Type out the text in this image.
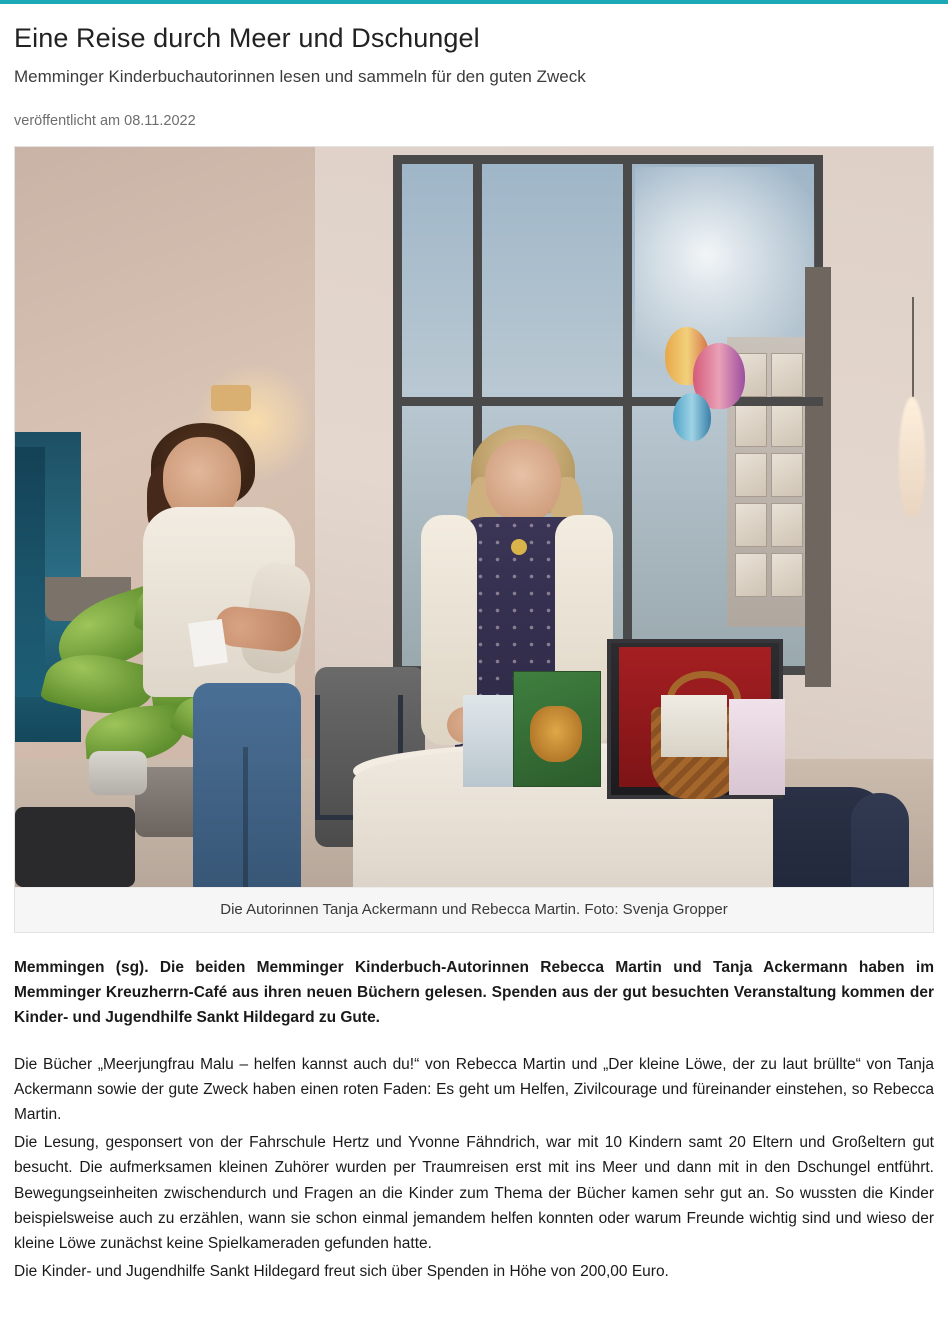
Eine Reise durch Meer und Dschungel
Memminger Kinderbuchautorinnen lesen und sammeln für den guten Zweck
veröffentlicht am 08.11.2022
Die Autorinnen Tanja Ackermann und Rebecca Martin. Foto: Svenja Gropper

Memmingen (sg). Die beiden Memminger Kinderbuch-Autorinnen Rebecca Martin und Tanja Ackermann haben im Memminger Kreuzherrn-Café aus ihren neuen Büchern gelesen. Spenden aus der gut besuchten Veranstaltung kommen der Kinder- und Jugendhilfe Sankt Hildegard zu Gute.

Die Bücher „Meerjungfrau Malu – helfen kannst auch du!“ von Rebecca Martin und „Der kleine Löwe, der zu laut brüllte“ von Tanja Ackermann sowie der gute Zweck haben einen roten Faden: Es geht um Helfen, Zivilcourage und füreinander einstehen, so Rebecca Martin.

Die Lesung, gesponsert von der Fahrschule Hertz und Yvonne Fähndrich, war mit 10 Kindern samt 20 Eltern und Großeltern gut besucht. Die aufmerksamen kleinen Zuhörer wurden per Traumreisen erst mit ins Meer und dann mit in den Dschungel entführt. Bewegungseinheiten zwischendurch und Fragen an die Kinder zum Thema der Bücher kamen sehr gut an. So wussten die Kinder beispielsweise auch zu erzählen, wann sie schon einmal jemandem helfen konnten oder warum Freunde wichtig sind und wieso der kleine Löwe zunächst keine Spielkameraden gefunden hatte.

Die Kinder- und Jugendhilfe Sankt Hildegard freut sich über Spenden in Höhe von 200,00 Euro.
